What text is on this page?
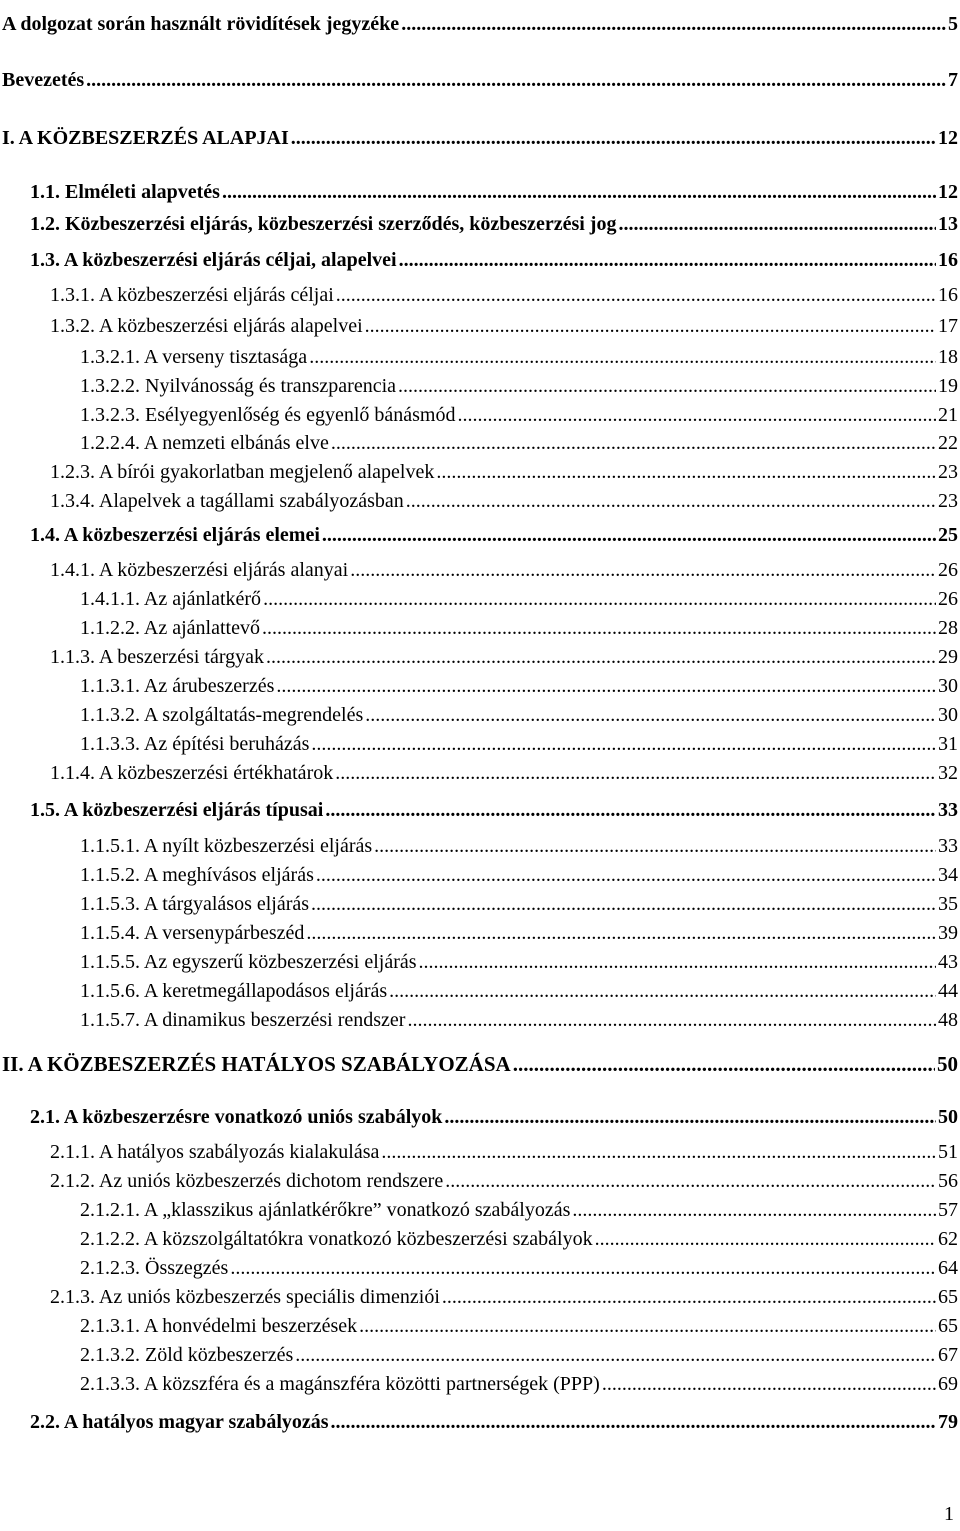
A dolgozat során használt rövidítések jegyzéke .....	5
Bevezetés .....	7
I. A KÖZBESZERZÉS ALAPJAI .....	12
1.1. Elméleti alapvetés .....	12
1.2. Közbeszerzési eljárás, közbeszerzési szerződés, közbeszerzési jog .....	13
1.3. A közbeszerzési eljárás céljai, alapelvei .....	16
1.3.1. A közbeszerzési eljárás céljai .....	16
1.3.2. A közbeszerzési eljárás alapelvei .....	17
1.3.2.1. A verseny tisztasága .....	18
1.3.2.2. Nyilvánosság és transzparencia .....	19
1.3.2.3. Esélyegyenlőség és egyenlő bánásmód .....	21
1.2.2.4. A nemzeti elbánás elve .....	22
1.2.3. A bírói gyakorlatban megjelenő alapelvek .....	23
1.3.4. Alapelvek a tagállami szabályozásban .....	23
1.4. A közbeszerzési eljárás elemei .....	25
1.4.1. A közbeszerzési eljárás alanyai .....	26
1.4.1.1. Az ajánlatkérő .....	26
1.1.2.2. Az ajánlattevő .....	28
1.1.3. A beszerzési tárgyak .....	29
1.1.3.1. Az árubeszerzés .....	30
1.1.3.2. A szolgáltatás-megrendelés .....	30
1.1.3.3. Az építési beruházás .....	31
1.1.4. A közbeszerzési értékhatárok .....	32
1.5. A közbeszerzési eljárás típusai .....	33
1.1.5.1. A nyílt közbeszerzési eljárás .....	33
1.1.5.2. A meghívásos eljárás .....	34
1.1.5.3. A tárgyalásos eljárás .....	35
1.1.5.4. A versenypárbeszéd .....	39
1.1.5.5. Az egyszerű közbeszerzési eljárás .....	43
1.1.5.6. A keretmegállapodásos eljárás .....	44
1.1.5.7. A dinamikus beszerzési rendszer .....	48
II. A KÖZBESZERZÉS HATÁLYOS SZABÁLYOZÁSA .....	50
2.1. A közbeszerzésre vonatkozó uniós szabályok .....	50
2.1.1. A hatályos szabályozás kialakulása .....	51
2.1.2. Az uniós közbeszerzés dichotom rendszere .....	56
2.1.2.1. A „klasszikus ajánlatkérőkre” vonatkozó szabályozás .....	57
2.1.2.2. A közszolgáltatókra vonatkozó közbeszerzési szabályok .....	62
2.1.2.3. Összegzés .....	64
2.1.3. Az uniós közbeszerzés speciális dimenziói .....	65
2.1.3.1. A honvédelmi beszerzések .....	65
2.1.3.2. Zöld közbeszerzés .....	67
2.1.3.3. A közszféra és a magánszféra közötti partnerségek (PPP) .....	69
2.2. A hatályos magyar szabályozás .....	79
1
